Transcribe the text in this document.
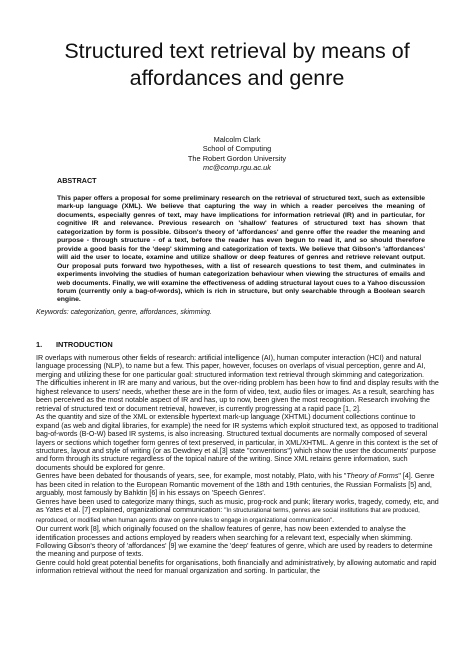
Structured text retrieval by means of affordances and genre
Malcolm Clark
School of Computing
The Robert Gordon University
mc@comp.rgu.ac.uk
ABSTRACT

This paper offers a proposal for some preliminary research on the retrieval of structured text, such as extensible mark-up language (XML). We believe that capturing the way in which a reader perceives the meaning of documents, especially genres of text, may have implications for information retrieval (IR) and in particular, for cognitive IR and relevance. Previous research on 'shallow' features of structured text has shown that categorization by form is possible. Gibson's theory of 'affordances' and genre offer the reader the meaning and purpose - through structure - of a text, before the reader has even begun to read it, and so should therefore provide a good basis for the 'deep' skimming and categorization of texts. We believe that Gibson's 'affordances' will aid the user to locate, examine and utilize shallow or deep features of genres and retrieve relevant output. Our proposal puts forward two hypotheses, with a list of research questions to test them, and culminates in experiments involving the studies of human categorization behaviour when viewing the structures of emails and web documents. Finally, we will examine the effectiveness of adding structural layout cues to a Yahoo discussion forum (currently only a bag-of-words), which is rich in structure, but only searchable through a Boolean search engine.

Keywords: categorization, genre, affordances, skimming.

1. INTRODUCTION

IR overlaps with numerous other fields of research: artificial intelligence (AI), human computer interaction (HCI) and natural language processing (NLP), to name but a few. This paper, however, focuses on overlaps of visual perception, genre and AI, merging and utilizing these for one particular goal: structured information text retrieval through skimming and categorization.

The difficulties inherent in IR are many and various, but the over-riding problem has been how to find and display results with the highest relevance to users' needs, whether these are in the form of video, text, audio files or images. As a result, searching has been perceived as the most notable aspect of IR and has, up to now, been given the most recognition. Research involving the retrieval of structured text or document retrieval, however, is currently progressing at a rapid pace [1, 2].

As the quantity and size of the XML or extensible hypertext mark-up language (XHTML) document collections continue to expand (as web and digital libraries, for example) the need for IR systems which exploit structured text, as opposed to traditional bag-of-words (B-O-W) based IR systems, is also increasing. Structured textual documents are normally composed of several layers or sections which together form genres of text preserved, in particular, in XML/XHTML. A genre in this context is the set of structures, layout and style of writing (or as Dewdney et al.[3] state "conventions") which show the user the documents' purpose and form through its structure regardless of the topical nature of the writing. Since XML retains genre information, such documents should be explored for genre.

Genres have been debated for thousands of years, see, for example, most notably, Plato, with his "Theory of Forms" [4]. Genre has been cited in relation to the European Romantic movement of the 18th and 19th centuries, the Russian Formalists [5] and, arguably, most famously by Bahktin [6] in his essays on 'Speech Genres'.

Genres have been used to categorize many things, such as music, prog-rock and punk; literary works, tragedy, comedy, etc, and as Yates et al. [7] explained, organizational communication: "In structurational terms, genres are social institutions that are produced, reproduced, or modified when human agents draw on genre rules to engage in organizational communication".

Our current work [8], which originally focused on the shallow features of genre, has now been extended to analyse the identification processes and actions employed by readers when searching for a relevant text, especially when skimming. Following Gibson's theory of 'affordances' [9] we examine the 'deep' features of genre, which are used by readers to determine the meaning and purpose of texts.

Genre could hold great potential benefits for organisations, both financially and administratively, by allowing automatic and rapid information retrieval without the need for manual organization and sorting. In particular, the
